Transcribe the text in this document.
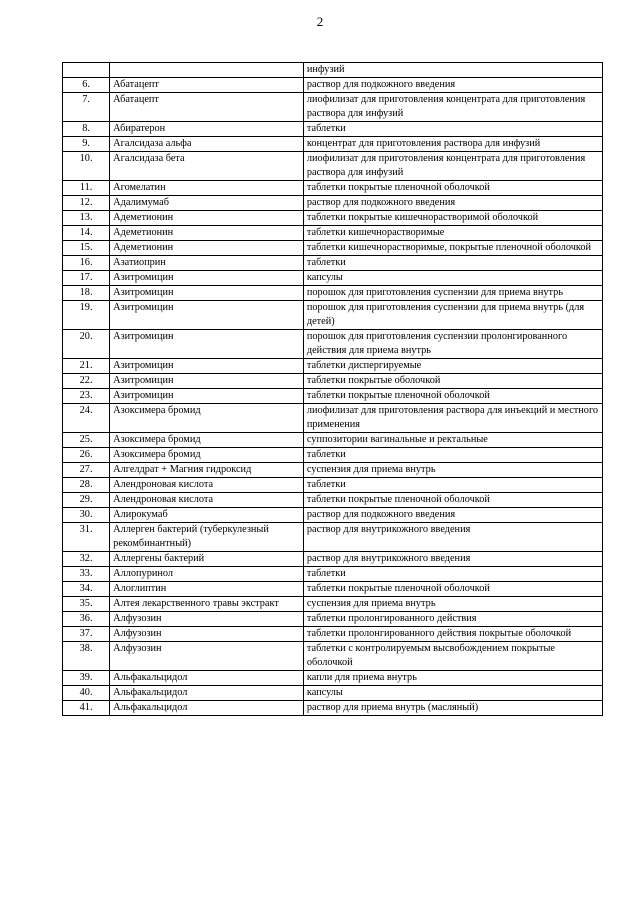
2
		инфузий
6.	Абатацепт	раствор для подкожного введения
7.	Абатацепт	лиофилизат для приготовления концентрата для приготовления раствора для инфузий
8.	Абиратерон	таблетки
9.	Агалсидаза альфа	концентрат для приготовления раствора для инфузий
10.	Агалсидаза бета	лиофилизат для приготовления концентрата для приготовления раствора для инфузий
11.	Агомелатин	таблетки покрытые пленочной оболочкой
12.	Адалимумаб	раствор для подкожного введения
13.	Адеметионин	таблетки покрытые кишечнорастворимой оболочкой
14.	Адеметионин	таблетки кишечнорастворимые
15.	Адеметионин	таблетки кишечнорастворимые, покрытые пленочной оболочкой
16.	Азатиоприн	таблетки
17.	Азитромицин	капсулы
18.	Азитромицин	порошок для приготовления суспензии для приема внутрь
19.	Азитромицин	порошок для приготовления суспензии для приема внутрь (для детей)
20.	Азитромицин	порошок для приготовления суспензии пролонгированного действия для приема внутрь
21.	Азитромицин	таблетки диспергируемые
22.	Азитромицин	таблетки покрытые оболочкой
23.	Азитромицин	таблетки покрытые пленочной оболочкой
24.	Азоксимера бромид	лиофилизат для приготовления раствора для инъекций и местного применения
25.	Азоксимера бромид	суппозитории вагинальные и ректальные
26.	Азоксимера бромид	таблетки
27.	Алгелдрат + Магния гидроксид	суспензия для приема внутрь
28.	Алендроновая кислота	таблетки
29.	Алендроновая кислота	таблетки покрытые пленочной оболочкой
30.	Алирокумаб	раствор для подкожного введения
31.	Аллерген бактерий (туберкулезный рекомбинантный)	раствор для внутрикожного введения
32.	Аллергены бактерий	раствор для внутрикожного введения
33.	Аллопуринол	таблетки
34.	Алоглиптин	таблетки покрытые пленочной оболочкой
35.	Алтея лекарственного травы экстракт	суспензия для приема внутрь
36.	Алфузозин	таблетки пролонгированного действия
37.	Алфузозин	таблетки пролонгированного действия покрытые оболочкой
38.	Алфузозин	таблетки с контролируемым высвобождением покрытые оболочкой
39.	Альфакальцидол	капли для приема внутрь
40.	Альфакальцидол	капсулы
41.	Альфакальцидол	раствор для приема внутрь (масляный)
